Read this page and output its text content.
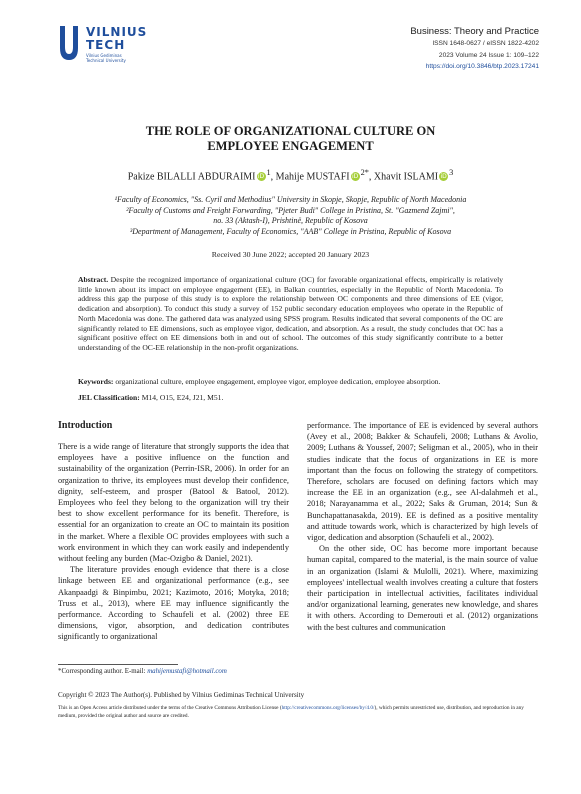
VILNIUS
TECH
Vilnius Gediminas
Technical University
Business: Theory and Practice
ISSN 1648-0627 / eISSN 1822-4202
2023 Volume 24 Issue 1: 109–122
https://doi.org/10.3846/btp.2023.17241
THE ROLE OF ORGANIZATIONAL CULTURE ON
EMPLOYEE ENGAGEMENT
Pakize BILALLI ABDURAIMI iD $^1$, Mahije MUSTAFI iD $^{2*}$, Xhavit ISLAMI iD $^3$
¹Faculty of Economics, "Ss. Cyril and Methodius" University in Skopje, Skopje, Republic of North Macedonia
²Faculty of Customs and Freight Forwarding, "Pjeter Budi" College in Pristina, St. "Gazmend Zajmi",
no. 33 (Aktash-I), Prishtinë, Republic of Kosova
³Department of Management, Faculty of Economics, "AAB" College in Pristina, Republic of Kosova
Received 30 June 2022; accepted 20 January 2023
Abstract. Despite the recognized importance of organizational culture (OC) for favorable organizational effects, empirically is relatively little known about its impact on employee engagement (EE), in Balkan countries, especially in the Republic of North Macedonia. To address this gap the purpose of this study is to explore the relationship between OC components and three dimensions of EE (vigor, dedication and absorption). To conduct this study a survey of 152 public secondary education employees who operate in the Republic of North Macedonia was done. The gathered data was analyzed using SPSS program. Results indicated that several components of the OC are significantly related to EE dimensions, such as employee vigor, dedication, and absorption. As a result, the study concludes that OC has a significant positive effect on EE dimensions both in and out of school. The outcomes of this study significantly contribute to a better understanding of the OC-EE relationship in the non-profit organizations.
Keywords: organizational culture, employee engagement, employee vigor, employee dedication, employee absorption.
JEL Classification: M14, O15, E24, J21, M51.
Introduction

There is a wide range of literature that strongly supports the idea that employees have a positive influence on the function and sustainability of the organization (Perrin-ISR, 2006). In order for an organization to thrive, its employees must develop their confidence, dignity, self-esteem, and prosper (Batool & Batool, 2012). Employees who feel they belong to the organization will try their best to show excellent performance for its benefit. Therefore, is essential for an organization to create an OC to maintain its position in the market. Where a flexible OC provides employees with such a work environment in which they can work easily and independently without feeling any burden (Mac-Ozigbo & Daniel, 2021).

The literature provides enough evidence that there is a close linkage between EE and organizational performance (e.g., see Akanpaadgi & Binpimbu, 2021; Kazimoto, 2016; Motyka, 2018; Truss et al., 2013), where EE may influence significantly the performance. According to Schaufeli et al. (2002) three EE dimensions, vigor, absorption, and dedication contributes significantly to organizational

performance. The importance of EE is evidenced by several authors (Avey et al., 2008; Bakker & Schaufeli, 2008; Luthans & Avolio, 2009; Luthans & Youssef, 2007; Seligman et al., 2005), who in their studies indicate that the focus of organizations in EE is more important than the focus on following the strategy of competitors. Therefore, scholars are focused on defining factors which may increase the EE in an organization (e.g., see Al-dalahmeh et al., 2018; Narayanamma et al., 2022; Saks & Gruman, 2014; Sun & Bunchapattanasakda, 2019). EE is defined as a positive mentality and attitude towards work, which is characterized by high levels of vigor, dedication and absorption (Schaufeli et al., 2002).

On the other side, OC has become more important because human capital, compared to the material, is the main source of value in an organization (Islami & Mulolli, 2021). Where, maximizing employees' intellectual wealth involves creating a culture that fosters their participation in intellectual activities, facilitates individual and/or organizational learning, generates new knowledge, and shares it with others. According to Demerouti et al. (2012) organizations with the best cultures and communication

*Corresponding author. E-mail: mahijemustafi@hotmail.com
Copyright © 2023 The Author(s). Published by Vilnius Gediminas Technical University
This is an Open Access article distributed under the terms of the Creative Commons Attribution License (http://creativecommons.org/licenses/by/4.0/), which permits unrestricted use, distribution, and reproduction in any medium, provided the original author and source are credited.
